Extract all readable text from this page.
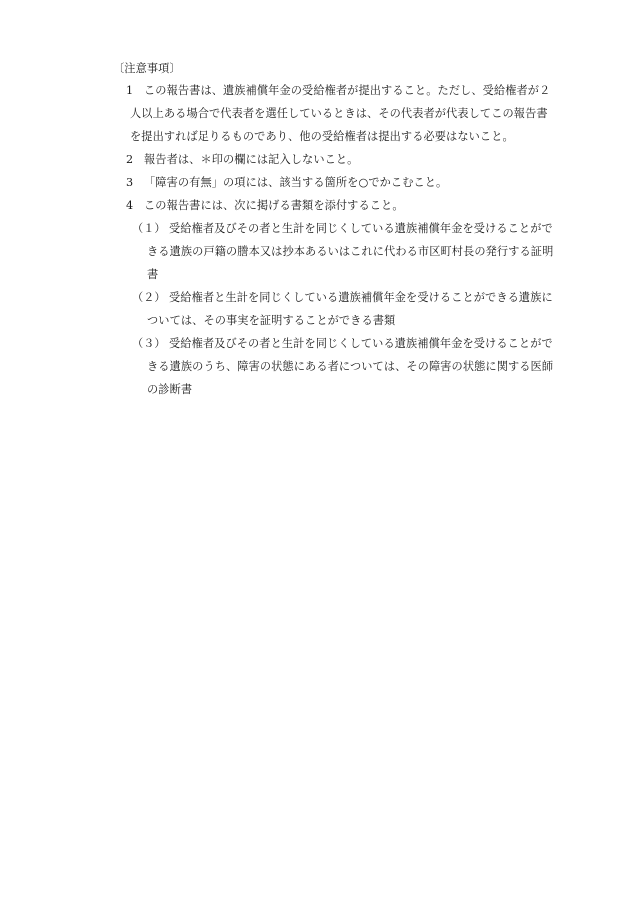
〔注意事項〕
1 この報告書は、遺族補償年金の受給権者が提出すること。ただし、受給権者が２
人以上ある場合で代表者を選任しているときは、その代表者が代表してこの報告書
を提出すれば足りるものであり、他の受給権者は提出する必要はないこと。
2 報告者は、＊印の欄には記入しないこと。
3 「障害の有無」の項には、該当する箇所を○でかこむこと。
4 この報告書には、次に掲げる書類を添付すること。
（１） 受給権者及びその者と生計を同じくしている遺族補償年金を受けることがで
きる遺族の戸籍の謄本又は抄本あるいはこれに代わる市区町村長の発行する証明
書
（２） 受給権者と生計を同じくしている遺族補償年金を受けることができる遺族に
ついては、その事実を証明することができる書類
（３） 受給権者及びその者と生計を同じくしている遺族補償年金を受けることがで
きる遺族のうち、障害の状態にある者については、その障害の状態に関する医師
の診断書
